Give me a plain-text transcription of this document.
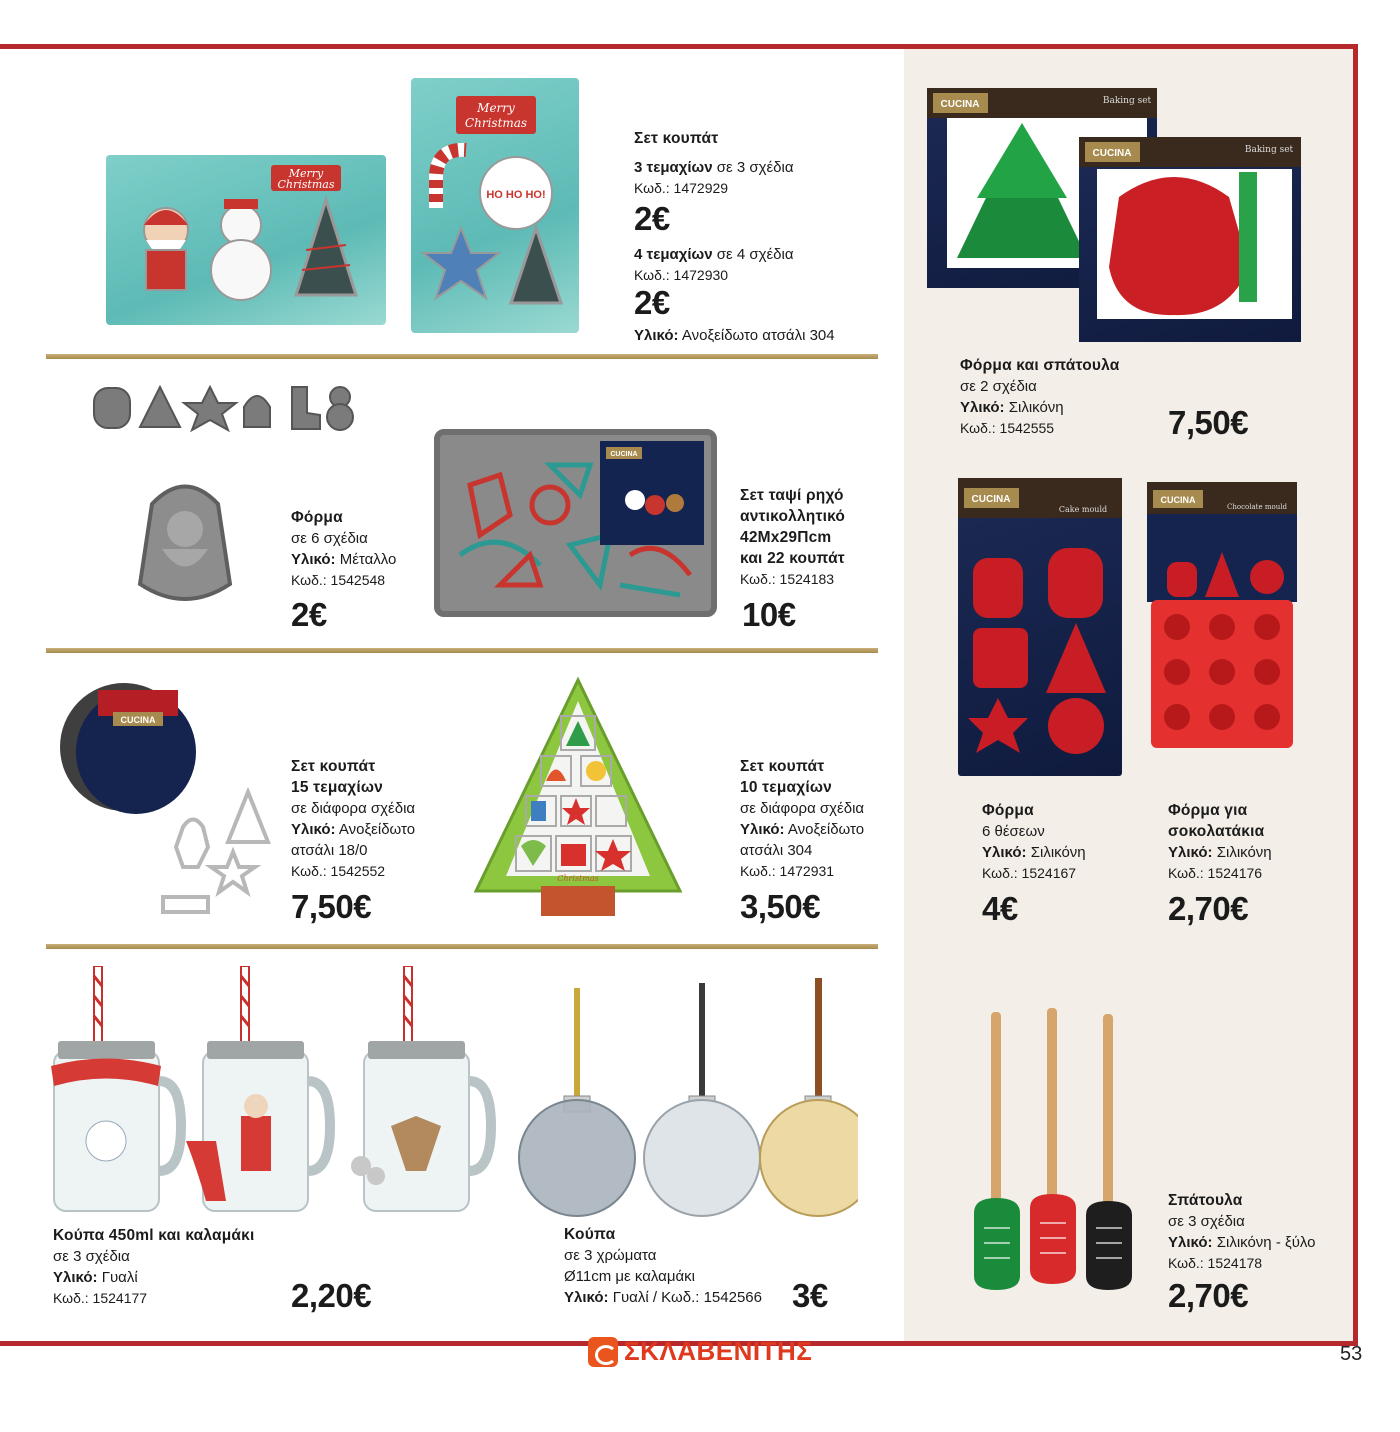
Merry
Christmas
Merry
Christmas
HO HO HO!
Σετ κουπάτ
3 τεμαχίων σε 3 σχέδια
Κωδ.: 1472929
2€
4 τεμαχίων σε 4 σχέδια
Κωδ.: 1472930
2€
Υλικό: Ανοξείδωτο ατσάλι 304
CUCINA	Baking set
CUCINA	Baking set
Φόρμα και σπάτουλα
σε 2 σχέδια
Υλικό: Σιλικόνη
Κωδ.: 1542555	7,50€
Φόρμα
σε 6 σχέδια
Υλικό: Μέταλλο
Κωδ.: 1542548
2€
CUCINA
Σετ ταψί ρηχό
αντικολλητικό
42Mx29Πcm
και 22 κουπάτ
Κωδ.: 1524183
10€
CUCINA
Cake mould
CUCINA
Chocolate mould
Φόρμα
6 θέσεων
Υλικό: Σιλικόνη
Κωδ.: 1524167
4€
Φόρμα για
σοκολατάκια
Υλικό: Σιλικόνη
Κωδ.: 1524176
2,70€
CUCINA
Σετ κουπάτ
15 τεμαχίων
σε διάφορα σχέδια
Υλικό: Ανοξείδωτο
ατσάλι 18/0
Κωδ.: 1542552
7,50€
Christmas
Σετ κουπάτ
10 τεμαχίων
σε διάφορα σχέδια
Υλικό: Ανοξείδωτο
ατσάλι 304
Κωδ.: 1472931
3,50€
Κούπα 450ml και καλαμάκι
σε 3 σχέδια
Υλικό: Γυαλί
Κωδ.: 1524177	2,20€
Κούπα
σε 3 χρώματα
Ø11cm με καλαμάκι
Υλικό: Γυαλί / Κωδ.: 1542566 3€
Σπάτουλα
σε 3 σχέδια
Υλικό: Σιλικόνη - ξύλο
Κωδ.: 1524178
2,70€
ΣΚΛΑΒΕΝΙΤΗΣ	53
